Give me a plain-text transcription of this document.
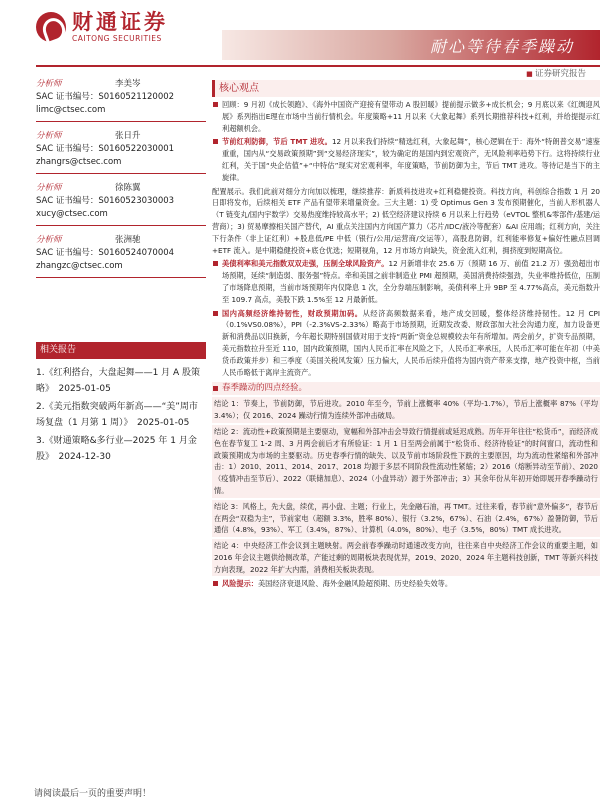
财通证券
CAITONG SECURITIES	耐心等待春季躁动
■ 证券研究报告
分析师	李美岑
SAC 证书编号：S0160521120002
limc@ctsec.com
分析师	张日升
SAC 证书编号：S0160522030001
zhangrs@ctsec.com
分析师	徐陈翼
SAC 证书编号：S0160523030003
xucy@ctsec.com
分析师	张洲驰
SAC 证书编号：S0160524070004
zhangzc@ctsec.com
相关报告
1.《红利搭台，大盘起舞——1 月 A 股策略》　2025-01-05
2.《美元指数突破两年新高——“美”周市场复盘（1 月第 1 周）》　2025-01-05
3.《财通策略&多行业—2025 年 1 月金股》　2024-12-30
核心观点
回顾：9 月初《成长领跑》、《海外中国资产迎接有望带动 A 股回暖》提前提示做多+成长机会；9 月底以来《红绸迎风展》系列指出E理在市场中当前行情机会。年度策略+11 月以来《大象起舞》系列长期推荐科技+红利，并给提提示红利超额机会。
节前红利防御，节后 TMT 进攻。12 月以来我们持续“精选红利，大象起舞”，核心逻辑在于：海外“特朗普交易”速鉴重重，国内从“交易政策预期”到“交易经济现实”，较为确定的是国内到宏观资产，无风险利率趋势下行。这将持续行业红利，关于国“央企估值”+“中特估”现实对宏观利率，年度策略，节前防御为主，节后 TMT 进攻。等待记是当下的主旋律。
配置展示。我们此前对细分方向加以梳理，继续推荐：新质科技进攻+红利稳健投资。科技方向，科创综合指数 1 月 20 日即将发布，后续相关 ETF 产品有望带来增量资金。三大主题：1) 受 Optimus Gen 3 发布预期催化，当前人形机器人（T 链变丸/国内宇数学）交易热度维持较高水平；2) 低空经济建议持续 6 月以来上行趋势（eVTOL 整机&零部件/基建/运营商）；3) 贸易摩擦相关国产替代，AI 重点关注国内方向国产算力（芯片/IDC/液冷等配套）&AI 应用端；红利方向，关注下行条件（非上证红利）+股息低/PE 中低（银行/公用/运营商/交运等），高股息防御，红利能率修复+偏好性融点回调+ETF 流入。是中期稳健投资+底仓优选；短期视角，12 月市场方向缺失，资金流入红利，拥挤度到短期高位。
美债利率和美元指数双双走强，压制全球风险资产。12 月新增非农 25.6 万（预期 16 万、前值 21.2 万）强劲超出市场预期，延续“制造弱、服务强”特点。牵和美国之前非制造业 PMI 超预期，美国消费持续强劲，失业率维持低位，压制了市场降息预期，当前市场预期年内仅降息 1 次，全分券端压制影响，美债利率上升 9BP 至 4.77%高点，美元指数升至 109.7 高点，美股下跌 1.5%至 12 月最新低。
国内高频经济维持韧性，财政预期加码。从经济高频数据来看，地产成交回暖，整体经济维持韧性。12 月 CPI（0.1%VS0.08%），PPI（-2.3%VS-2.33%）略高于市场预期，近期发改委、财政部加大社会沟通力度，加力设备更新和消费品以旧换新，今年超长期特别国债对用于支持“两新”资金总规模较去年有所增加。两会前夕，扩资专品预期，美元指数拉升至近 110，国内政策预期，国内人民币汇率在风险之下，人民币汇率承压，人民币汇率可能在年初（中美货币政策并步）和三季度（美国关税风发策）压力偏大，人民币后续升值将为国内资产带来支撑，地产投资中枢，当前人民币略低于离岸主流资产。
春季躁动的四点经验。
结论 1：节奏上，节前防御，节后进攻。2010 年至今，节前上涨概率 40%（平均-1.7%），节后上涨概率 87%（平均 3.4%）；仅 2016、2024 躁动行情为连续外部冲击破局。
结论 2：流动性+政策预期是主要驱动，宽幅和外部冲击会导致行情提前或延迟成熟。历年开年往往“松货币”，而经济成色在春节复工 1-2 周、3 月两会前后才有所验证：1 月 1 日至两会前属于“松货币、经济待验证”的时间窗口，流动性和政策预期成为市场的主要驱动。历史春季行情的缺失、以及节前市场阶段性下跌的主要原因，均为流动性紧缩和外部冲击：1）2010、2011、2014、2017、2018 均源于多层不同阶段性流动性紧缩；2）2016（熔断异动至节前）、2020（疫情冲击至节后）、2022（联储加息）、2024（小盘异动）源于外部冲击；3）其余年份从年初开始即展开春季躁动行情。
结论 3：风格上，先大盘，续优，再小盘、主题；行业上，先金融石油，再 TMT。过往来看，春节前“意外偏多”，春节后在两会“双稳为主”，节前家电（超额 3.3%，胜率 80%）、银行（3.2%，67%）、石油（2.4%，67%）盈暑防御，节后通信（4.8%，93%）、军工（3.4%，87%）、计算机（4.0%，80%）、电子（3.5%，80%）TMT 成长进攻。
结论 4：中央经济工作会议到主题映射。两会前春季躁动时通速改变方向，往往来自中央经济工作会议的重要主题，如 2016 年会议主题供给侧改革，产能过剩的周期板块表现优异，2019、2020、2024 年主题科技创新，TMT 等新兴科技方向表现，2022 年扩大内需，消费相关板块表现。
风险提示：美国经济衰退风险、海外金融风险超预期、历史经验失效等。
请阅读最后一页的重要声明！
